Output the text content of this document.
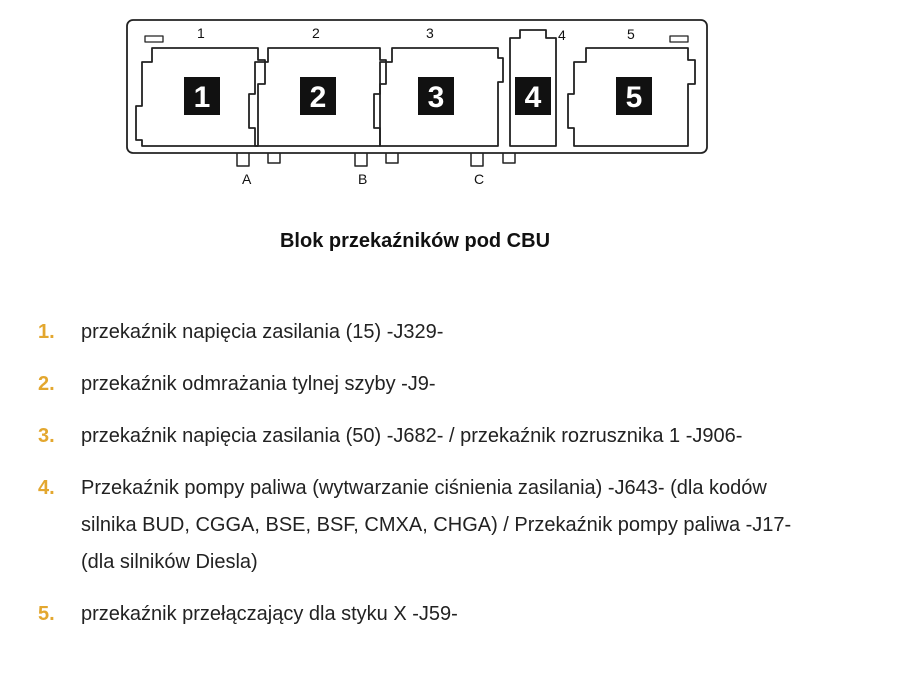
1	2	3	4	5
1	2	3	4	5
A	B	C
Blok przekaźników pod CBU
1.	przekaźnik napięcia zasilania (15) -J329-
2.	przekaźnik odmrażania tylnej szyby -J9-
3.	przekaźnik napięcia zasilania (50) -J682- / przekaźnik rozrusznika 1 -J906-
4.	Przekaźnik pompy paliwa (wytwarzanie ciśnienia zasilania) -J643- (dla kodów silnika BUD, CGGA, BSE, BSF, CMXA, CHGA) / Przekaźnik pompy paliwa -J17- (dla silników Diesla)
5.	przekaźnik przełączający dla styku X -J59-
